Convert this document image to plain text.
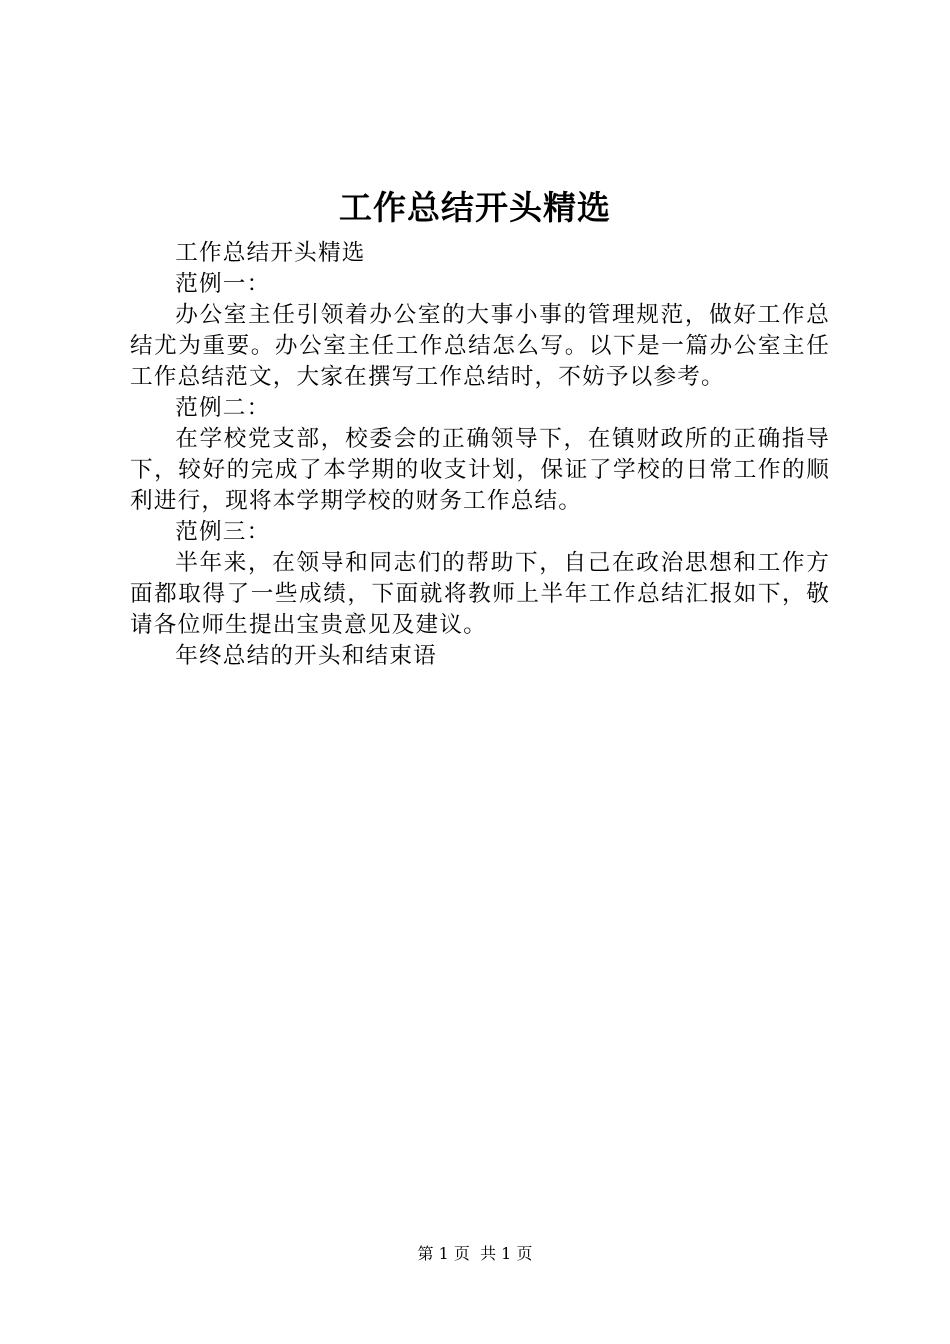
工作总结开头精选

工作总结开头精选

范例一：

办公室主任引领着办公室的大事小事的管理规范，做好工作总结尤为重要。办公室主任工作总结怎么写。以下是一篇办公室主任工作总结范文，大家在撰写工作总结时，不妨予以参考。

范例二：

在学校党支部，校委会的正确领导下，在镇财政所的正确指导下，较好的完成了本学期的收支计划，保证了学校的日常工作的顺利进行，现将本学期学校的财务工作总结。

范例三：

半年来，在领导和同志们的帮助下，自己在政治思想和工作方面都取得了一些成绩，下面就将教师上半年工作总结汇报如下，敬请各位师生提出宝贵意见及建议。

年终总结的开头和结束语

第 1 页 共 1 页
